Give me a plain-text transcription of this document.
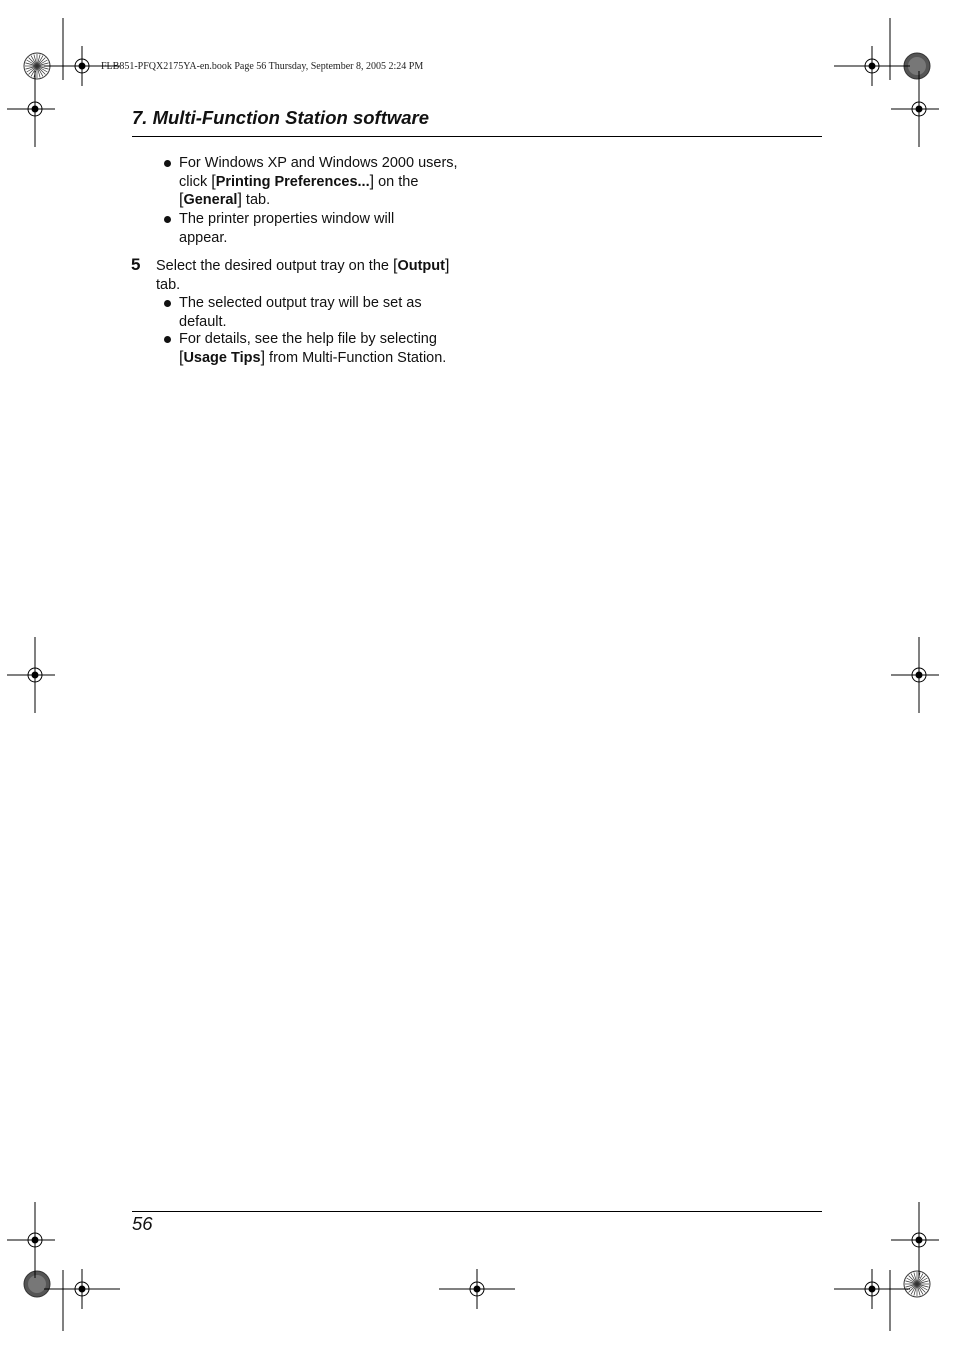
FLB851-PFQX2175YA-en.book Page 56 Thursday, September 8, 2005 2:24 PM
7. Multi-Function Station software
For Windows XP and Windows 2000 users, click [Printing Preferences...] on the [General] tab.
The printer properties window will appear.
5 Select the desired output tray on the [Output] tab.
The selected output tray will be set as default.
For details, see the help file by selecting [Usage Tips] from Multi-Function Station.
56
